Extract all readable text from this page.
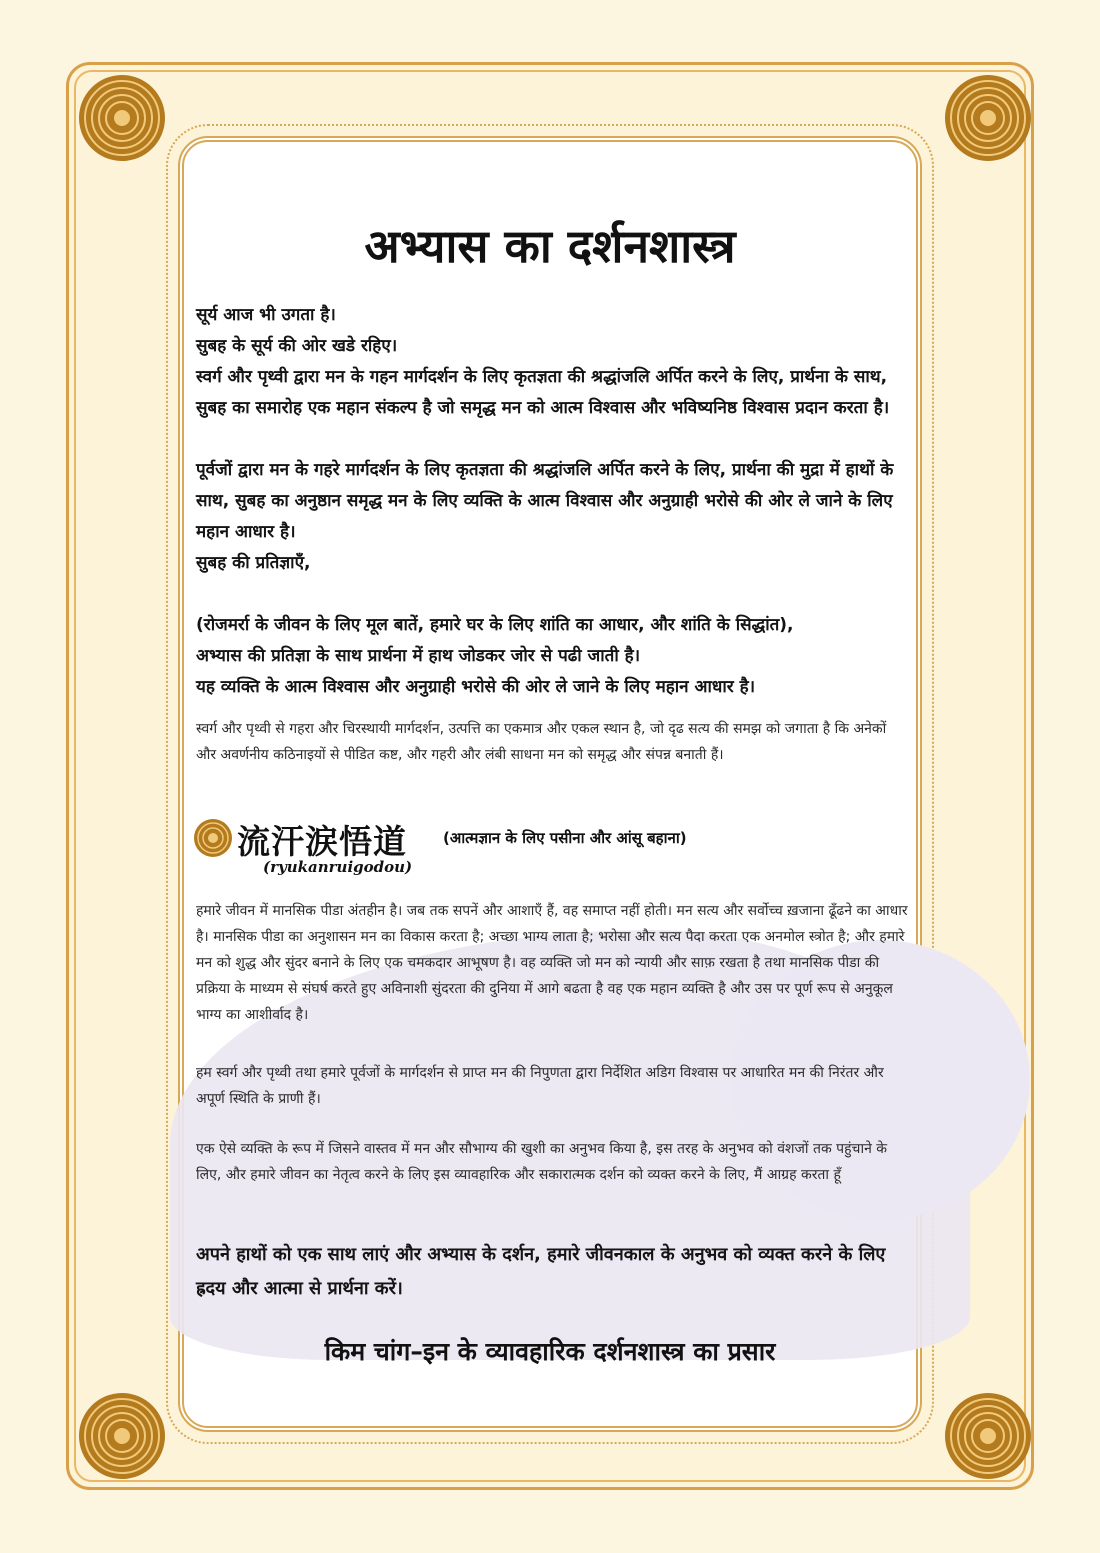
अभ्यास का दर्शनशास्त्र
सूर्य आज भी उगता है।
सुबह के सूर्य की ओर खडे रहिए।
स्वर्ग और पृथ्वी द्वारा मन के गहन मार्गदर्शन के लिए कृतज्ञता की श्रद्धांजलि अर्पित करने के लिए, प्रार्थना के साथ, सुबह का समारोह एक महान संकल्प है जो समृद्ध मन को आत्म विश्वास और भविष्यनिष्ठ विश्वास प्रदान करता है।
पूर्वजों द्वारा मन के गहरे मार्गदर्शन के लिए कृतज्ञता की श्रद्धांजलि अर्पित करने के लिए, प्रार्थना की मुद्रा में हाथों के साथ, सुबह का अनुष्ठान समृद्ध मन के लिए व्यक्ति के आत्म विश्वास और अनुग्राही भरोसे की ओर ले जाने के लिए महान आधार है।
सुबह की प्रतिज्ञाएँ,
(रोजमर्रा के जीवन के लिए मूल बातें, हमारे घर के लिए शांति का आधार, और शांति के सिद्धांत),
अभ्यास की प्रतिज्ञा के साथ प्रार्थना में हाथ जोडकर जोर से पढी जाती है।
यह व्यक्ति के आत्म विश्वास और अनुग्राही भरोसे की ओर ले जाने के लिए महान आधार है।
स्वर्ग और पृथ्वी से गहरा और चिरस्थायी मार्गदर्शन, उत्पत्ति का एकमात्र और एकल स्थान है, जो दृढ सत्य की समझ को जगाता है कि अनेकों और अवर्णनीय कठिनाइयों से पीडित कष्ट, और गहरी और लंबी साधना मन को समृद्ध और संपन्न बनाती हैं।
流汗涙悟道 (आत्मज्ञान के लिए पसीना और आंसू बहाना)
(ryukanruigodou)
हमारे जीवन में मानसिक पीडा अंतहीन है। जब तक सपनें और आशाएँ हैं, वह समाप्त नहीं होती। मन सत्य और सर्वोच्च ख़जाना ढूँढने का आधार है। मानसिक पीडा का अनुशासन मन का विकास करता है; अच्छा भाग्य लाता है; भरोसा और सत्य पैदा करता एक अनमोल स्त्रोत है; और हमारे मन को शुद्ध और सुंदर बनाने के लिए एक चमकदार आभूषण है। वह व्यक्ति जो मन को न्यायी और साफ़ रखता है तथा मानसिक पीडा की प्रक्रिया के माध्यम से संघर्ष करते हुए अविनाशी सुंदरता की दुनिया में आगे बढता है वह एक महान व्यक्ति है और उस पर पूर्ण रूप से अनुकूल भाग्य का आशीर्वाद है।
हम स्वर्ग और पृथ्वी तथा हमारे पूर्वजों के मार्गदर्शन से प्राप्त मन की निपुणता द्वारा निर्देशित अडिग विश्वास पर आधारित मन की निरंतर और अपूर्ण स्थिति के प्राणी हैं।
एक ऐसे व्यक्ति के रूप में जिसने वास्तव में मन और सौभाग्य की खुशी का अनुभव किया है, इस तरह के अनुभव को वंशजों तक पहुंचाने के लिए, और हमारे जीवन का नेतृत्व करने के लिए इस व्यावहारिक और सकारात्मक दर्शन को व्यक्त करने के लिए, मैं आग्रह करता हूँ
अपने हाथों को एक साथ लाएं और अभ्यास के दर्शन, हमारे जीवनकाल के अनुभव को व्यक्त करने के लिए ह्रदय और आत्मा से प्रार्थना करें।
किम चांग–इन के व्यावहारिक दर्शनशास्त्र का प्रसार
